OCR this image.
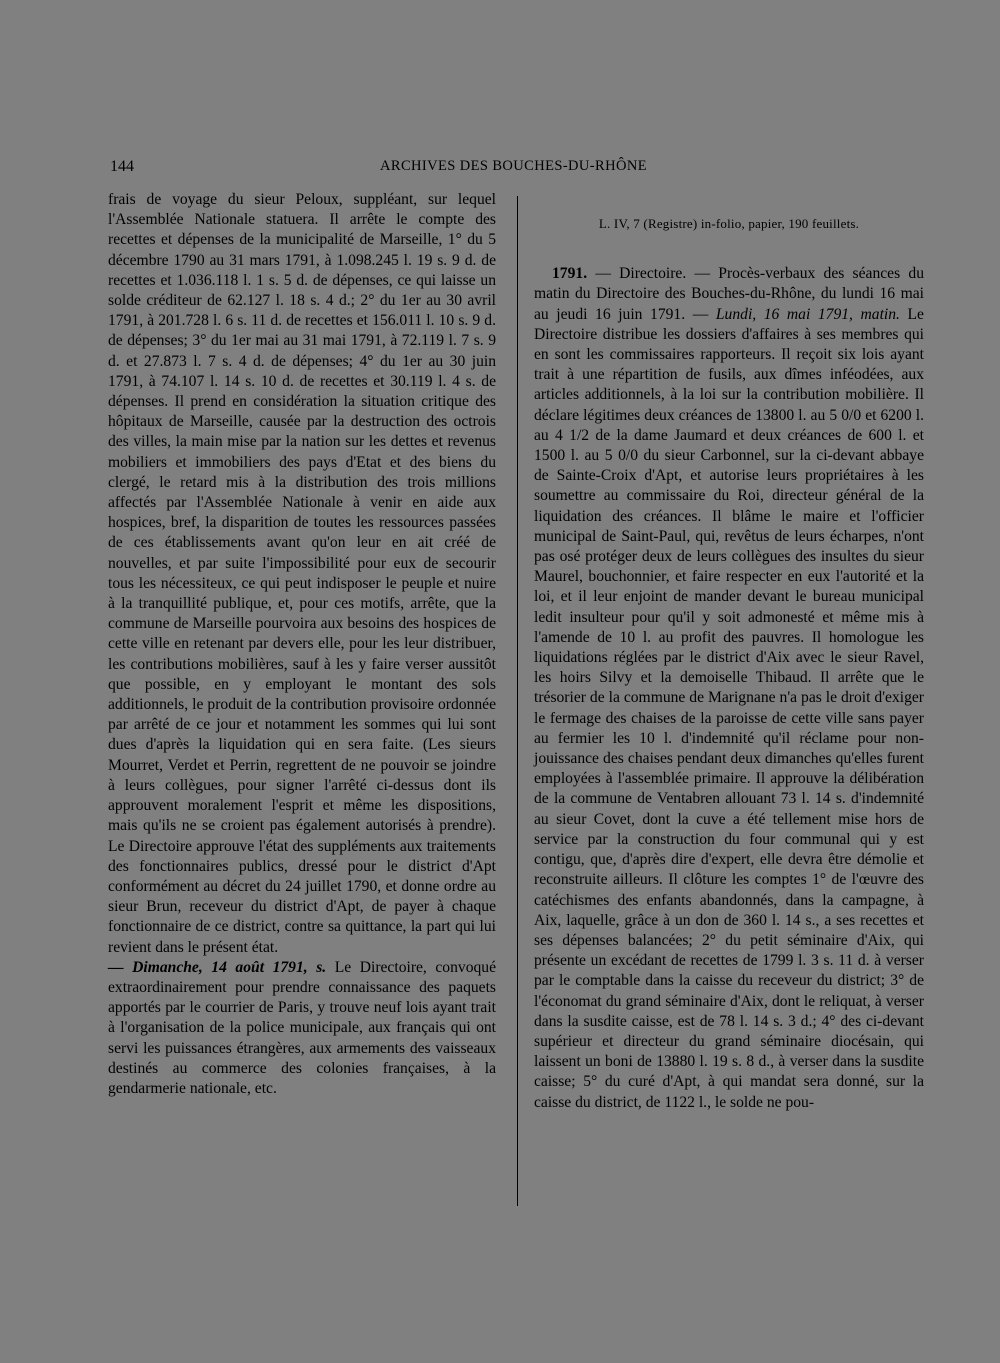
144	ARCHIVES DES BOUCHES-DU-RHÔNE

frais de voyage du sieur Peloux, suppléant, sur lequel l'Assemblée Nationale statuera. Il arrête le compte des recettes et dépenses de la municipalité de Marseille, 1° du 5 décembre 1790 au 31 mars 1791, à 1.098.245 l. 19 s. 9 d. de recettes et 1.036.118 l. 1 s. 5 d. de dépenses, ce qui laisse un solde créditeur de 62.127 l. 18 s. 4 d.; 2° du 1er au 30 avril 1791, à 201.728 l. 6 s. 11 d. de recettes et 156.011 l. 10 s. 9 d. de dépenses; 3° du 1er mai au 31 mai 1791, à 72.119 l. 7 s. 9 d. et 27.873 l. 7 s. 4 d. de dépenses; 4° du 1er au 30 juin 1791, à 74.107 l. 14 s. 10 d. de recettes et 30.119 l. 4 s. de dépenses. Il prend en considération la situation critique des hôpitaux de Marseille, causée par la destruction des octrois des villes, la main mise par la nation sur les dettes et revenus mobiliers et immobiliers des pays d'Etat et des biens du clergé, le retard mis à la distribution des trois millions affectés par l'Assemblée Nationale à venir en aide aux hospices, bref, la disparition de toutes les ressources passées de ces établissements avant qu'on leur en ait créé de nouvelles, et par suite l'impossibilité pour eux de secourir tous les nécessiteux, ce qui peut indisposer le peuple et nuire à la tranquillité publique, et, pour ces motifs, arrête, que la commune de Marseille pourvoira aux besoins des hospices de cette ville en retenant par devers elle, pour les leur distribuer, les contributions mobilières, sauf à les y faire verser aussitôt que possible, en y employant le montant des sols additionnels, le produit de la contribution provisoire ordonnée par arrêté de ce jour et notamment les sommes qui lui sont dues d'après la liquidation qui en sera faite. (Les sieurs Mourret, Verdet et Perrin, regrettent de ne pouvoir se joindre à leurs collègues, pour signer l'arrêté ci-dessus dont ils approuvent moralement l'esprit et même les dispositions, mais qu'ils ne se croient pas également autorisés à prendre). Le Directoire approuve l'état des suppléments aux traitements des fonctionnaires publics, dressé pour le district d'Apt conformément au décret du 24 juillet 1790, et donne ordre au sieur Brun, receveur du district d'Apt, de payer à chaque fonctionnaire de ce district, contre sa quittance, la part qui lui revient dans le présent état.

— Dimanche, 14 août 1791, s. Le Directoire, convoqué extraordinairement pour prendre connaissance des paquets apportés par le courrier de Paris, y trouve neuf lois ayant trait à l'organisation de la police municipale, aux français qui ont servi les puissances étrangères, aux armements des vaisseaux destinés au commerce des colonies françaises, à la gendarmerie nationale, etc.

L. IV, 7 (Registre) in-folio, papier, 190 feuillets.

1791. — Directoire. — Procès-verbaux des séances du matin du Directoire des Bouches-du-Rhône, du lundi 16 mai au jeudi 16 juin 1791. — Lundi, 16 mai 1791, matin. Le Directoire distribue les dossiers d'affaires à ses membres qui en sont les commissaires rapporteurs. Il reçoit six lois ayant trait à une répartition de fusils, aux dîmes inféodées, aux articles additionnels, à la loi sur la contribution mobilière. Il déclare légitimes deux créances de 13800 l. au 5 0/0 et 6200 l. au 4 1/2 de la dame Jaumard et deux créances de 600 l. et 1500 l. au 5 0/0 du sieur Carbonnel, sur la ci-devant abbaye de Sainte-Croix d'Apt, et autorise leurs propriétaires à les soumettre au commissaire du Roi, directeur général de la liquidation des créances. Il blâme le maire et l'officier municipal de Saint-Paul, qui, revêtus de leurs écharpes, n'ont pas osé protéger deux de leurs collègues des insultes du sieur Maurel, bouchonnier, et faire respecter en eux l'autorité et la loi, et il leur enjoint de mander devant le bureau municipal ledit insulteur pour qu'il y soit admonesté et même mis à l'amende de 10 l. au profit des pauvres. Il homologue les liquidations réglées par le district d'Aix avec le sieur Ravel, les hoirs Silvy et la demoiselle Thibaud. Il arrête que le trésorier de la commune de Marignane n'a pas le droit d'exiger le fermage des chaises de la paroisse de cette ville sans payer au fermier les 10 l. d'indemnité qu'il réclame pour non-jouissance des chaises pendant deux dimanches qu'elles furent employées à l'assemblée primaire. Il approuve la délibération de la commune de Ventabren allouant 73 l. 14 s. d'indemnité au sieur Covet, dont la cuve a été tellement mise hors de service par la construction du four communal qui y est contigu, que, d'après dire d'expert, elle devra être démolie et reconstruite ailleurs. Il clôture les comptes 1° de l'œuvre des catéchismes des enfants abandonnés, dans la campagne, à Aix, laquelle, grâce à un don de 360 l. 14 s., a ses recettes et ses dépenses balancées; 2° du petit séminaire d'Aix, qui présente un excédant de recettes de 1799 l. 3 s. 11 d. à verser par le comptable dans la caisse du receveur du district; 3° de l'économat du grand séminaire d'Aix, dont le reliquat, à verser dans la susdite caisse, est de 78 l. 14 s. 3 d.; 4° des ci-devant supérieur et directeur du grand séminaire diocésain, qui laissent un boni de 13880 l. 19 s. 8 d., à verser dans la susdite caisse; 5° du curé d'Apt, à qui mandat sera donné, sur la caisse du district, de 1122 l., le solde ne pou-
